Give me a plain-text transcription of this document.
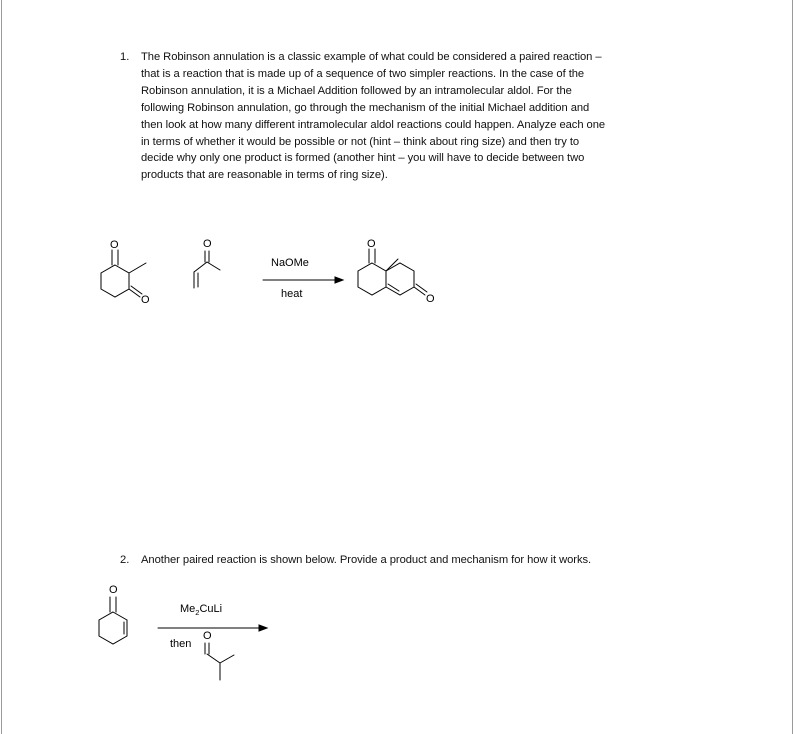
1. The Robinson annulation is a classic example of what could be considered a paired reaction –
that is a reaction that is made up of a sequence of two simpler reactions. In the case of the
Robinson annulation, it is a Michael Addition followed by an intramolecular aldol. For the
following Robinson annulation, go through the mechanism of the initial Michael addition and
then look at how many different intramolecular aldol reactions could happen. Analyze each one
in terms of whether it would be possible or not (hint – think about ring size) and then try to
decide why only one product is formed (another hint – you will have to decide between two
products that are reasonable in terms of ring size).
2. Another paired reaction is shown below. Provide a product and mechanism for how it works.
O
O
O
NaOMe
heat
O
O
O
$Me_2CuLi$
then
O
